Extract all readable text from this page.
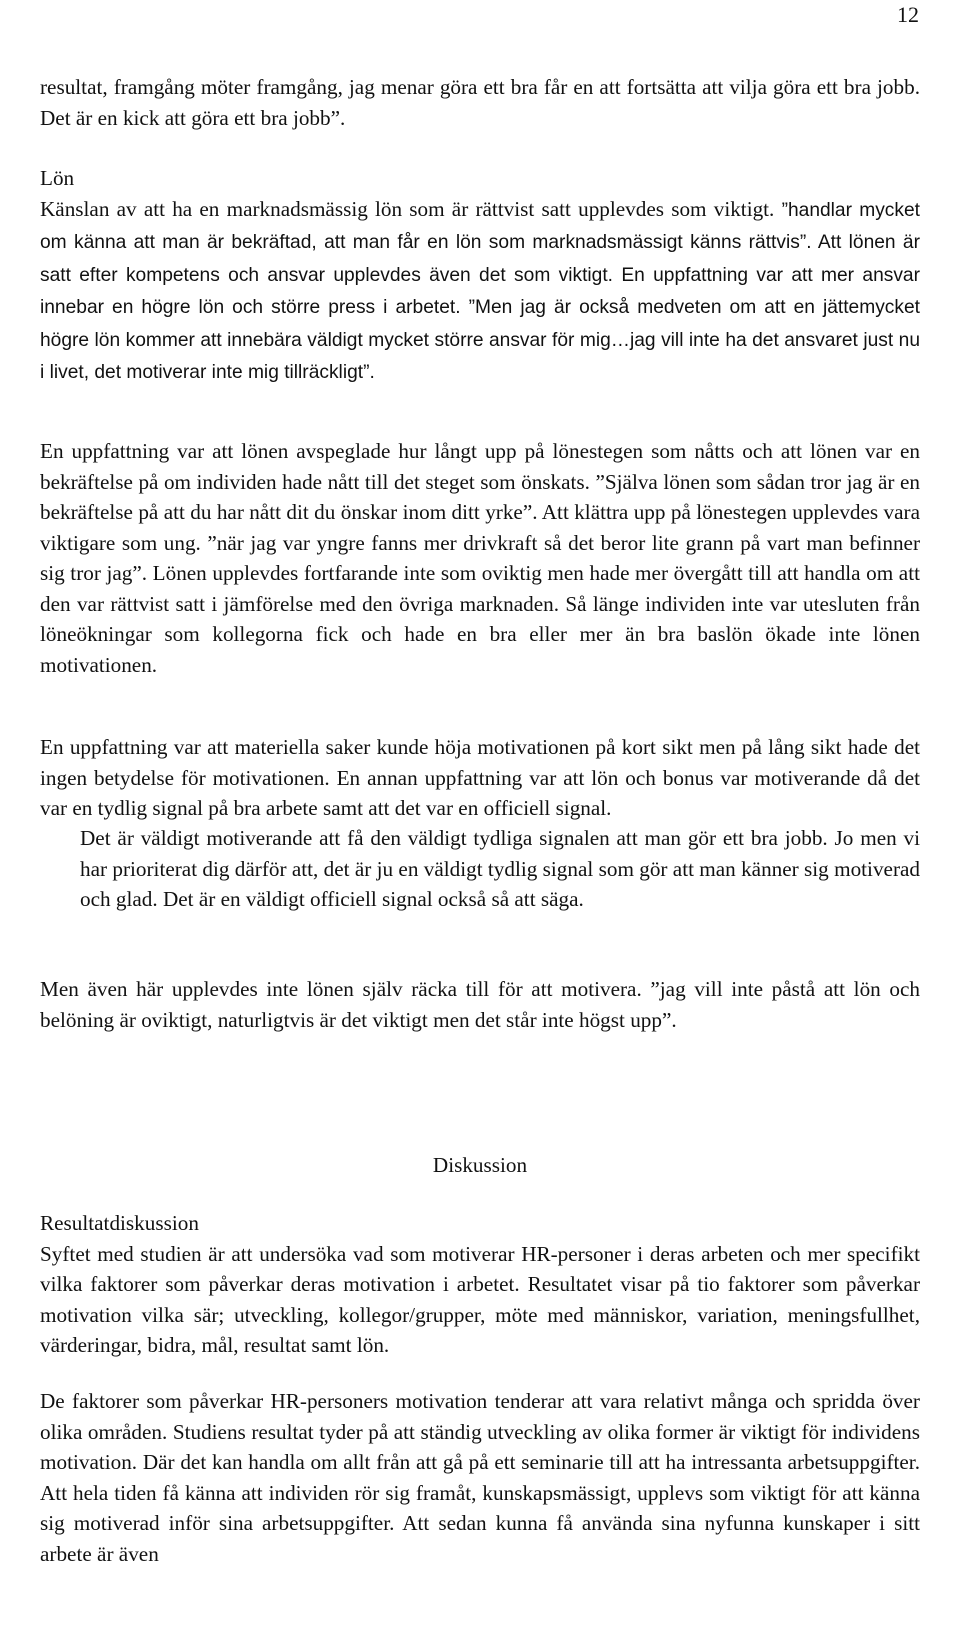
12

resultat, framgång möter framgång, jag menar göra ett bra får en att fortsätta att vilja göra ett bra jobb. Det är en kick att göra ett bra jobb”.

Lön

Känslan av att ha en marknadsmässig lön som är rättvist satt upplevdes som viktigt. ”handlar mycket om känna att man är bekräftad, att man får en lön som marknadsmässigt känns rättvis”. Att lönen är satt efter kompetens och ansvar upplevdes även det som viktigt. En uppfattning var att mer ansvar innebar en högre lön och större press i arbetet. ”Men jag är också medveten om att en jättemycket högre lön kommer att innebära väldigt mycket större ansvar för mig…jag vill inte ha det ansvaret just nu i livet, det motiverar inte mig tillräckligt”.

En uppfattning var att lönen avspeglade hur långt upp på lönestegen som nåtts och att lönen var en bekräftelse på om individen hade nått till det steget som önskats. ”Själva lönen som sådan tror jag är en bekräftelse på att du har nått dit du önskar inom ditt yrke”. Att klättra upp på lönestegen upplevdes vara viktigare som ung. ”när jag var yngre fanns mer drivkraft så det beror lite grann på vart man befinner sig tror jag”. Lönen upplevdes fortfarande inte som oviktig men hade mer övergått till att handla om att den var rättvist satt i jämförelse med den övriga marknaden. Så länge individen inte var utesluten från löneökningar som kollegorna fick och hade en bra eller mer än bra baslön ökade inte lönen motivationen.

En uppfattning var att materiella saker kunde höja motivationen på kort sikt men på lång sikt hade det ingen betydelse för motivationen. En annan uppfattning var att lön och bonus var motiverande då det var en tydlig signal på bra arbete samt att det var en officiell signal.

Det är väldigt motiverande att få den väldigt tydliga signalen att man gör ett bra jobb. Jo men vi har prioriterat dig därför att, det är ju en väldigt tydlig signal som gör att man känner sig motiverad och glad. Det är en väldigt officiell signal också så att säga.

Men även här upplevdes inte lönen själv räcka till för att motivera. ”jag vill inte påstå att lön och belöning är oviktigt, naturligtvis är det viktigt men det står inte högst upp”.

Diskussion

Resultatdiskussion

Syftet med studien är att undersöka vad som motiverar HR-personer i deras arbeten och mer specifikt vilka faktorer som påverkar deras motivation i arbetet. Resultatet visar på tio faktorer som påverkar motivation vilka sär; utveckling, kollegor/grupper, möte med människor, variation, meningsfullhet, värderingar, bidra, mål, resultat samt lön.

De faktorer som påverkar HR-personers motivation tenderar att vara relativt många och spridda över olika områden. Studiens resultat tyder på att ständig utveckling av olika former är viktigt för individens motivation. Där det kan handla om allt från att gå på ett seminarie till att ha intressanta arbetsuppgifter. Att hela tiden få känna att individen rör sig framåt, kunskapsmässigt, upplevs som viktigt för att känna sig motiverad inför sina arbetsuppgifter. Att sedan kunna få använda sina nyfunna kunskaper i sitt arbete är även
